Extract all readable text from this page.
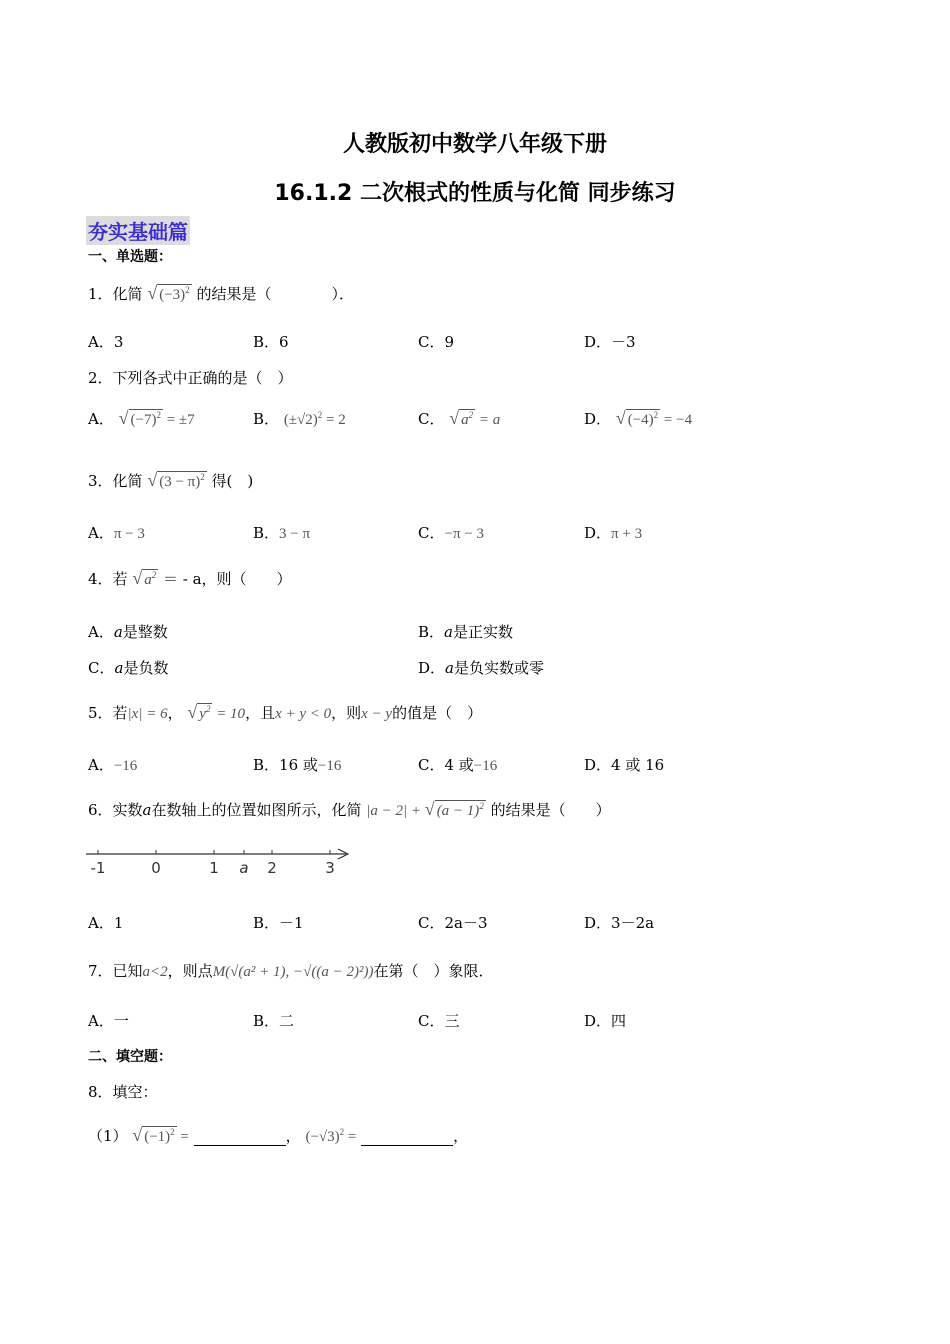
人教版初中数学八年级下册
16.1.2 二次根式的性质与化简 同步练习
夯实基础篇
一、单选题：
1．化简 √ $(-3)^2$ 的结果是（　　　　）．
A．3	B．6	C．9	D．－3
2．下列各式中正确的是（　）
A． √ $(-7)^2 = \pm 7$	B． $(\pm√2)^2 = 2$	C． √ $a^2 = a$	D． √ $(-4)^2 = -4$
3．化简 √ $(3 - \pi)^2$ 得(　)
A．π − 3	B．3 − π	C．−π − 3	D．π + 3
4．若 √ $a^2$ ＝ - a，则（　　）
A．a是整数	B．a是正实数
C．a是负数	D．a是负实数或零
5．若|x| = 6， √ $y^2 = 10$，且x + y < 0，则x − y的值是（　）
A．−16	B．16 或−16	C．4 或−16	D．4 或 16
6．实数a在数轴上的位置如图所示，化简 |a − 2| + √ $(a - 1)^2$ 的结果是（　　）
-1	0	1 a 2	3
A．1	B．－1	C．2a－3	D．3－2a
7．已知a<2，则点M(√(a² + 1), −√((a − 2)²))在第（　）象限．
A．一	B．二	C．三	D．四
二、填空题：
8．填空：
（1） √ $(-1)^2$ =	， $(-√3)^2$ =	，
